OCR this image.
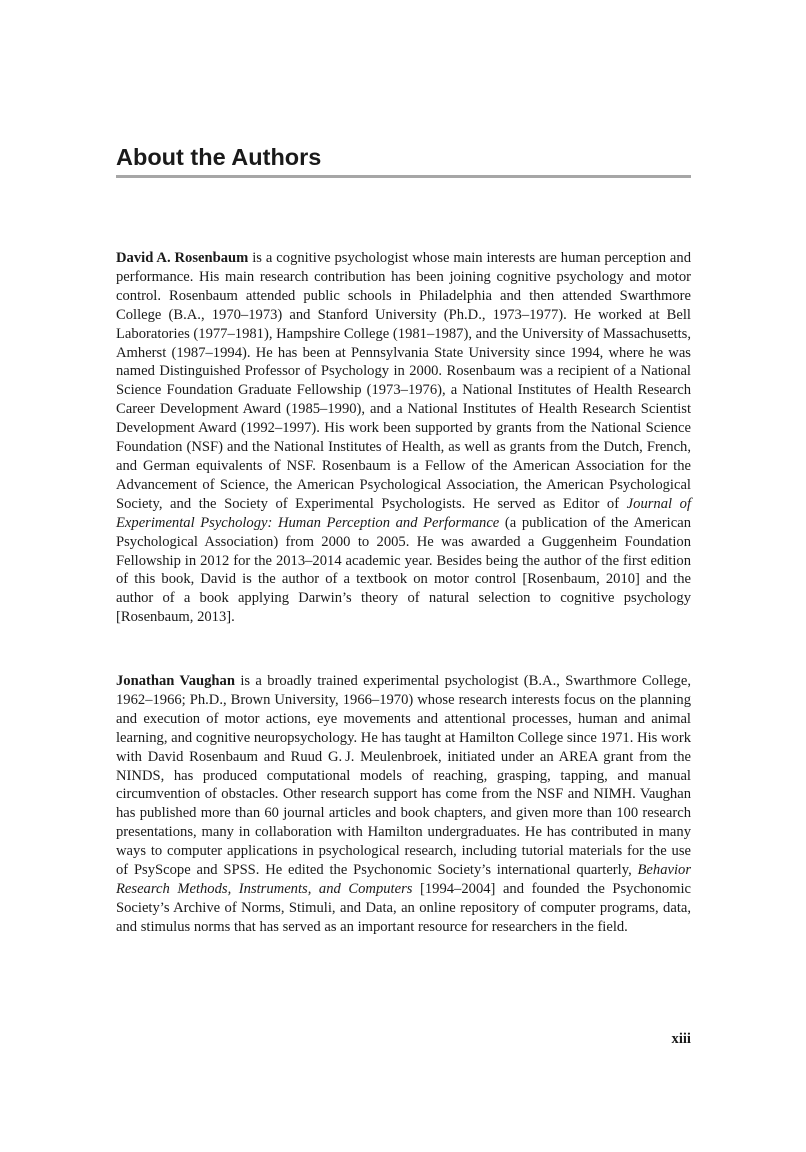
About the Authors

David A. Rosenbaum is a cognitive psychologist whose main interests are human perception and performance. His main research contribution has been joining cognitive psychology and motor control. Rosenbaum attended public schools in Philadelphia and then attended Swarthmore College (B.A., 1970–1973) and Stanford University (Ph.D., 1973–1977). He worked at Bell Laboratories (1977–1981), Hampshire College (1981–1987), and the University of Massachusetts, Amherst (1987–1994). He has been at Pennsylvania State University since 1994, where he was named Distinguished Professor of Psychology in 2000. Rosenbaum was a recipient of a National Science Foundation Graduate Fellowship (1973–1976), a National Institutes of Health Research Career Development Award (1985–1990), and a National Institutes of Health Research Scientist Development Award (1992–1997). His work been supported by grants from the National Science Foundation (NSF) and the National Institutes of Health, as well as grants from the Dutch, French, and German equivalents of NSF. Rosenbaum is a Fellow of the American Association for the Advancement of Science, the American Psychological Association, the American Psychological Society, and the Society of Experimental Psychologists. He served as Editor of Journal of Experimental Psychology: Human Perception and Performance (a publication of the American Psychological Association) from 2000 to 2005. He was awarded a Guggenheim Foundation Fellowship in 2012 for the 2013–2014 academic year. Besides being the author of the first edition of this book, David is the author of a textbook on motor control [Rosenbaum, 2010] and the author of a book applying Darwin’s theory of natural selection to cognitive psychology [Rosenbaum, 2013].

Jonathan Vaughan is a broadly trained experimental psychologist (B.A., Swarthmore College, 1962–1966; Ph.D., Brown University, 1966–1970) whose research interests focus on the planning and execution of motor actions, eye movements and attentional processes, human and animal learning, and cognitive neuropsychology. He has taught at Hamilton College since 1971. His work with David Rosenbaum and Ruud G. J. Meulenbroek, initiated under an AREA grant from the NINDS, has produced computational models of reaching, grasping, tapping, and manual circumvention of obstacles. Other research support has come from the NSF and NIMH. Vaughan has published more than 60 journal articles and book chapters, and given more than 100 research presentations, many in collaboration with Hamilton undergraduates. He has contributed in many ways to computer applications in psychological research, including tutorial materials for the use of PsyScope and SPSS. He edited the Psychonomic Society’s international quarterly, Behavior Research Methods, Instruments, and Computers [1994–2004] and founded the Psychonomic Society’s Archive of Norms, Stimuli, and Data, an online repository of computer programs, data, and stimulus norms that has served as an important resource for researchers in the field.

xiii
